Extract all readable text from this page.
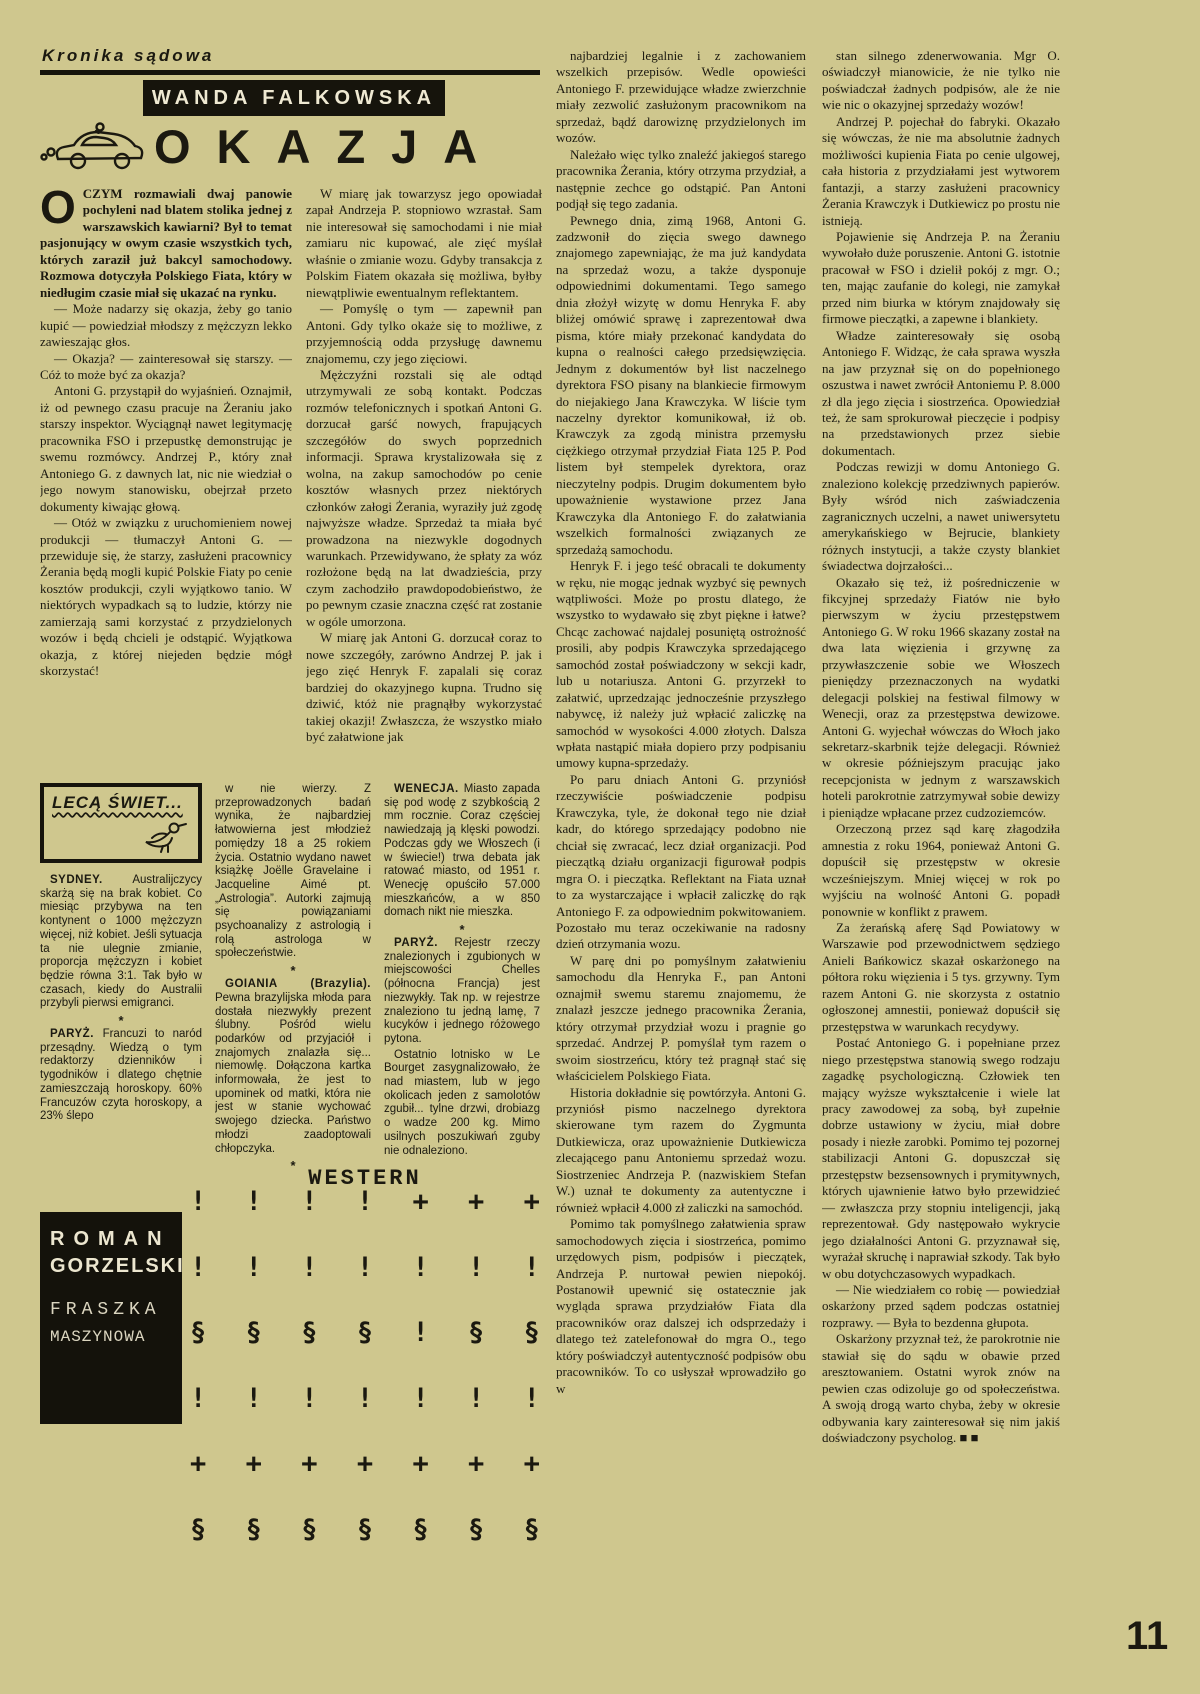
Kronika sądowa
WANDA FALKOWSKA
OKAZJA

OCZYM rozmawiali dwaj panowie pochyleni nad blatem stolika jednej z warszawskich kawiarni? Był to temat pasjonujący w owym czasie wszystkich tych, których zaraził już bakcyl samochodowy. Rozmowa dotyczyła Polskiego Fiata, który w niedługim czasie miał się ukazać na rynku.

— Może nadarzy się okazja, żeby go tanio kupić — powiedział młodszy z mężczyzn lekko zawieszając głos.

— Okazja? — zainteresował się starszy. — Cóż to może być za okazja?

Antoni G. przystąpił do wyjaśnień. Oznajmił, iż od pewnego czasu pracuje na Żeraniu jako starszy inspektor. Wyciągnął nawet legitymację pracownika FSO i przepustkę demonstrując je swemu rozmówcy. Andrzej P., który znał Antoniego G. z dawnych lat, nic nie wiedział o jego nowym stanowisku, obejrzał przeto dokumenty kiwając głową.

— Otóż w związku z uruchomieniem nowej produkcji — tłumaczył Antoni G. — przewiduje się, że starzy, zasłużeni pracownicy Żerania będą mogli kupić Polskie Fiaty po cenie kosztów produkcji, czyli wyjątkowo tanio. W niektórych wypadkach są to ludzie, którzy nie zamierzają sami korzystać z przydzielonych wozów i będą chcieli je odstąpić. Wyjątkowa okazja, z której niejeden będzie mógł skorzystać!

W miarę jak towarzysz jego opowiadał zapał Andrzeja P. stopniowo wzrastał. Sam nie interesował się samochodami i nie miał zamiaru nic kupować, ale zięć myślał właśnie o zmianie wozu. Gdyby transakcja z Polskim Fiatem okazała się możliwa, byłby niewątpliwie ewentualnym reflektantem.

— Pomyślę o tym — zapewnił pan Antoni. Gdy tylko okaże się to możliwe, z przyjemnością odda przysługę dawnemu znajomemu, czy jego zięciowi.

Mężczyźni rozstali się ale odtąd utrzymywali ze sobą kontakt. Podczas rozmów telefonicznych i spotkań Antoni G. dorzucał garść nowych, frapujących szczegółów do swych poprzednich informacji. Sprawa krystalizowała się z wolna, na zakup samochodów po cenie kosztów własnych przez niektórych członków załogi Żerania, wyraziły już zgodę najwyższe władze. Sprzedaż ta miała być prowadzona na niezwykle dogodnych warunkach. Przewidywano, że spłaty za wóz rozłożone będą na lat dwadzieścia, przy czym zachodziło prawdopodobieństwo, że po pewnym czasie znaczna część rat zostanie w ogóle umorzona.

W miarę jak Antoni G. dorzucał coraz to nowe szczegóły, zarówno Andrzej P. jak i jego zięć Henryk F. zapalali się coraz bardziej do okazyjnego kupna. Trudno się dziwić, któż nie pragnąłby wykorzystać takiej okazji! Zwłaszcza, że wszystko miało być załatwione jak

najbardziej legalnie i z zachowaniem wszelkich przepisów. Wedle opowieści Antoniego F. przewidujące władze zwierzchnie miały zezwolić zasłużonym pracownikom na sprzedaż, bądź darowiznę przydzielonych im wozów.

Należało więc tylko znaleźć jakiegoś starego pracownika Żerania, który otrzyma przydział, a następnie zechce go odstąpić. Pan Antoni podjął się tego zadania.

Pewnego dnia, zimą 1968, Antoni G. zadzwonił do zięcia swego dawnego znajomego zapewniając, że ma już kandydata na sprzedaż wozu, a także dysponuje odpowiednimi dokumentami. Tego samego dnia złożył wizytę w domu Henryka F. aby bliżej omówić sprawę i zaprezentował dwa pisma, które miały przekonać kandydata do kupna o realności całego przedsięwzięcia. Jednym z dokumentów był list naczelnego dyrektora FSO pisany na blankiecie firmowym do niejakiego Jana Krawczyka. W liście tym naczelny dyrektor komunikował, iż ob. Krawczyk za zgodą ministra przemysłu ciężkiego otrzymał przydział Fiata 125 P. Pod listem był stempelek dyrektora, oraz nieczytelny podpis. Drugim dokumentem było upoważnienie wystawione przez Jana Krawczyka dla Antoniego F. do załatwiania wszelkich formalności związanych ze sprzedażą samochodu.

Henryk F. i jego teść obracali te dokumenty w ręku, nie mogąc jednak wyzbyć się pewnych wątpliwości. Może po prostu dlatego, że wszystko to wydawało się zbyt piękne i łatwe? Chcąc zachować najdalej posuniętą ostrożność prosili, aby podpis Krawczyka sprzedającego samochód został poświadczony w sekcji kadr, lub u notariusza. Antoni G. przyrzekł to załatwić, uprzedzając jednocześnie przyszłego nabywcę, iż należy już wpłacić zaliczkę na samochód w wysokości 4.000 złotych. Dalsza wpłata nastąpić miała dopiero przy podpisaniu umowy kupna-sprzedaży.

Po paru dniach Antoni G. przyniósł rzeczywiście poświadczenie podpisu Krawczyka, tyle, że dokonał tego nie dział kadr, do którego sprzedający podobno nie chciał się zwracać, lecz dział organizacji. Pod pieczątką działu organizacji figurował podpis mgra O. i pieczątka. Reflektant na Fiata uznał to za wystarczające i wpłacił zaliczkę do rąk Antoniego F. za odpowiednim pokwitowaniem. Pozostało mu teraz oczekiwanie na radosny dzień otrzymania wozu.

W parę dni po pomyślnym załatwieniu samochodu dla Henryka F., pan Antoni oznajmił swemu staremu znajomemu, że znalazł jeszcze jednego pracownika Żerania, który otrzymał przydział wozu i pragnie go sprzedać. Andrzej P. pomyślał tym razem o swoim siostrzeńcu, który też pragnął stać się właścicielem Polskiego Fiata.

Historia dokładnie się powtórzyła. Antoni G. przyniósł pismo naczelnego dyrektora skierowane tym razem do Zygmunta Dutkiewicza, oraz upoważnienie Dutkiewicza zlecającego panu Antoniemu sprzedaż wozu. Siostrzeniec Andrzeja P. (nazwiskiem Stefan W.) uznał te dokumenty za autentyczne i również wpłacił 4.000 zł zaliczki na samochód.

Pomimo tak pomyślnego załatwienia spraw samochodowych zięcia i siostrzeńca, pomimo urzędowych pism, podpisów i pieczątek, Andrzeja P. nurtował pewien niepokój. Postanowił upewnić się ostatecznie jak wygląda sprawa przydziałów Fiata dla pracowników oraz dalszej ich odsprzedaży i dlatego też zatelefonował do mgra O., tego który poświadczył autentyczność podpisów obu pracowników. To co usłyszał wprowadziło go w

stan silnego zdenerwowania. Mgr O. oświadczył mianowicie, że nie tylko nie poświadczał żadnych podpisów, ale że nie wie nic o okazyjnej sprzedaży wozów!

Andrzej P. pojechał do fabryki. Okazało się wówczas, że nie ma absolutnie żadnych możliwości kupienia Fiata po cenie ulgowej, cała historia z przydziałami jest wytworem fantazji, a starzy zasłużeni pracownicy Żerania Krawczyk i Dutkiewicz po prostu nie istnieją.

Pojawienie się Andrzeja P. na Żeraniu wywołało duże poruszenie. Antoni G. istotnie pracował w FSO i dzielił pokój z mgr. O.; ten, mając zaufanie do kolegi, nie zamykał przed nim biurka w którym znajdowały się firmowe pieczątki, a zapewne i blankiety.

Władze zainteresowały się osobą Antoniego F. Widząc, że cała sprawa wyszła na jaw przyznał się on do popełnionego oszustwa i nawet zwrócił Antoniemu P. 8.000 zł dla jego zięcia i siostrzeńca. Opowiedział też, że sam sprokurował pieczęcie i podpisy na przedstawionych przez siebie dokumentach.

Podczas rewizji w domu Antoniego G. znaleziono kolekcję przedziwnych papierów. Były wśród nich zaświadczenia zagranicznych uczelni, a nawet uniwersytetu amerykańskiego w Bejrucie, blankiety różnych instytucji, a także czysty blankiet świadectwa dojrzałości...

Okazało się też, iż pośredniczenie w fikcyjnej sprzedaży Fiatów nie było pierwszym w życiu przestępstwem Antoniego G. W roku 1966 skazany został na dwa lata więzienia i grzywnę za przywłaszczenie sobie we Włoszech pieniędzy przeznaczonych na wydatki delegacji polskiej na festiwal filmowy w Wenecji, oraz za przestępstwa dewizowe. Antoni G. wyjechał wówczas do Włoch jako sekretarz-skarbnik tejże delegacji. Również w okresie późniejszym pracując jako recepcjonista w jednym z warszawskich hoteli parokrotnie zatrzymywał sobie dewizy i pieniądze wpłacane przez cudzoziemców.

Orzeczoną przez sąd karę złagodziła amnestia z roku 1964, ponieważ Antoni G. dopuścił się przestępstw w okresie wcześniejszym. Mniej więcej w rok po wyjściu na wolność Antoni G. popadł ponownie w konflikt z prawem.

Za żerańską aferę Sąd Powiatowy w Warszawie pod przewodnictwem sędziego Anieli Bańkowicz skazał oskarżonego na półtora roku więzienia i 5 tys. grzywny. Tym razem Antoni G. nie skorzysta z ostatnio ogłoszonej amnestii, ponieważ dopuścił się przestępstwa w warunkach recydywy.

Postać Antoniego G. i popełniane przez niego przestępstwa stanowią swego rodzaju zagadkę psychologiczną. Człowiek ten mający wyższe wykształcenie i wiele lat pracy zawodowej za sobą, był zupełnie dobrze ustawiony w życiu, miał dobre posady i niezłe zarobki. Pomimo tej pozornej stabilizacji Antoni G. dopuszczał się przestępstw bezsensownych i prymitywnych, których ujawnienie łatwo było przewidzieć — zwłaszcza przy stopniu inteligencji, jaką reprezentował. Gdy następowało wykrycie jego działalności Antoni G. przyznawał się, wyrażał skruchę i naprawiał szkody. Tak było w obu dotychczasowych wypadkach.

— Nie wiedziałem co robię — powiedział oskarżony przed sądem podczas ostatniej rozprawy. — Była to bezdenna głupota.

Oskarżony przyznał też, że parokrotnie nie stawiał się do sądu w obawie przed aresztowaniem. Ostatni wyrok znów na pewien czas odizoluje go od społeczeństwa. A swoją drogą warto chyba, żeby w okresie odbywania kary zainteresował się nim jakiś doświadczony psycholog. ■ ■

LECĄ ŚWIET...

SYDNEY. Australijczycy skarżą się na brak kobiet. Co miesiąc przybywa na ten kontynent o 1000 mężczyzn więcej, niż kobiet. Jeśli sytuacja ta nie ulegnie zmianie, proporcja mężczyzn i kobiet będzie równa 3:1. Tak było w czasach, kiedy do Australii przybyli pierwsi emigranci.

*

PARYŻ. Francuzi to naród przesądny. Wiedzą o tym redaktorzy dzienników i tygodników i dlatego chętnie zamieszczają horoskopy. 60% Francuzów czyta horoskopy, a 23% ślepo

w nie wierzy. Z przeprowadzonych badań wynika, że najbardziej łatwowierna jest młodzież pomiędzy 18 a 25 rokiem życia. Ostatnio wydano nawet książkę Joëlle Gravelaine i Jacqueline Aimé pt. „Astrologia”. Autorki zajmują się powiązaniami psychoanalizy z astrologią i rolą astrologa w społeczeństwie.

*

GOIANIA (Brazylia). Pewna brazylijska młoda para dostała niezwykły prezent ślubny. Pośród wielu podarków od przyjaciół i znajomych znalazła się... niemowlę. Dołączona kartka informowała, że jest to upominek od matki, która nie jest w stanie wychować swojego dziecka. Państwo młodzi zaadoptowali chłopczyka.

*

WENECJA. Miasto zapada się pod wodę z szybkością 2 mm rocznie. Coraz częściej nawiedzają ją klęski powodzi. Podczas gdy we Włoszech (i w świecie!) trwa debata jak ratować miasto, od 1951 r. Wenecję opuściło 57.000 mieszkańców, a w 850 domach nikt nie mieszka.

*

PARYŻ. Rejestr rzeczy znalezionych i zgubionych w miejscowości Chelles (północna Francja) jest niezwykły. Tak np. w rejestrze znaleziono tu jedną lamę, 7 kucyków i jednego różowego pytona.

Ostatnio lotnisko w Le Bourget zasygnalizowało, że nad miastem, lub w jego okolicach jeden z samolotów zgubił... tylne drzwi, drobiazg o wadze 200 kg. Mimo usilnych poszukiwań zguby nie odnaleziono.

WESTERN
ROMAN
GORZELSKI
FRASZKA
MASZYNOWA
! ! ! ! + + +
! ! ! ! ! ! !
§ § § § ! § §
! ! ! ! ! ! !
+ + + + + + +
§ § § § § § §
11
